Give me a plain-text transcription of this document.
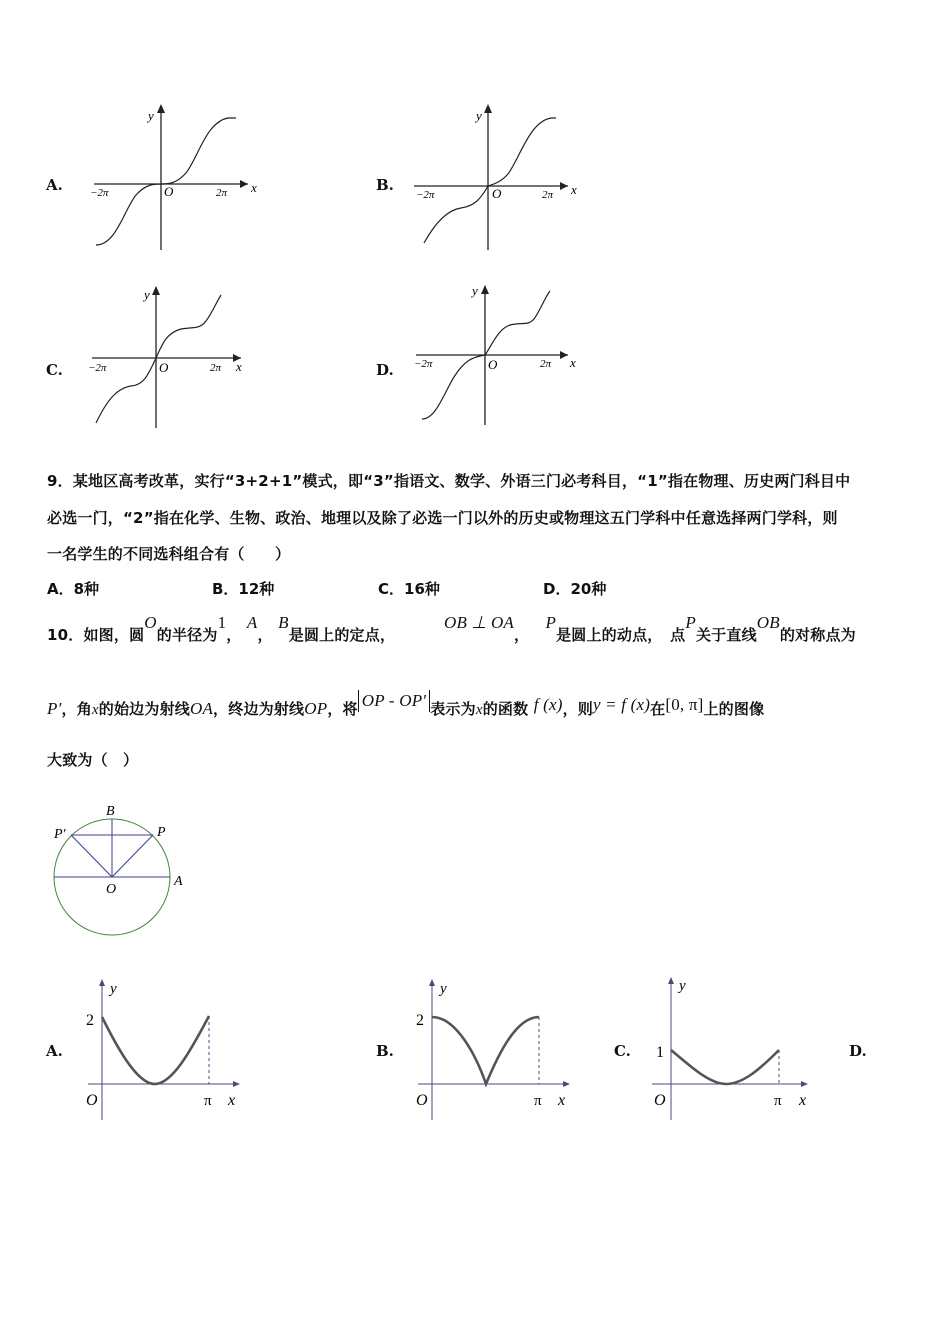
A.
y
x
O
−2π	2π	B.
y
x
O
−2π	2π
C.
y
x
O
−2π	2π	D.
y
x
O
−2π	2π
9．某地区高考改革，实行“3+2+1”模式，即“3”指语文、数学、外语三门必考科目，“1”指在物理、历史两门科目中
必选一门，“2”指在化学、生物、政治、地理以及除了必选一门以外的历史或物理这五门学科中任意选择两门学科，则
一名学生的不同选科组合有（　　）
A．8种	B．12种	C．16种	D．20种
10．如图，圆O的半径为1， A， B是圆上的定点，         OB ⊥ OA，   P是圆上的动点，　点P关于直线OB的对称点为
P′，角x的始边为射线OA，终边为射线OP，将 OP - OP′ 表示为x的函数 f (x)，则y = f (x)在[0, π]上的图像
大致为（　）
B
P
P′
O
A
A.
2
π
O	x
y
B.
2
π
O	x
y
C. 1
π
O	x
y
D.
